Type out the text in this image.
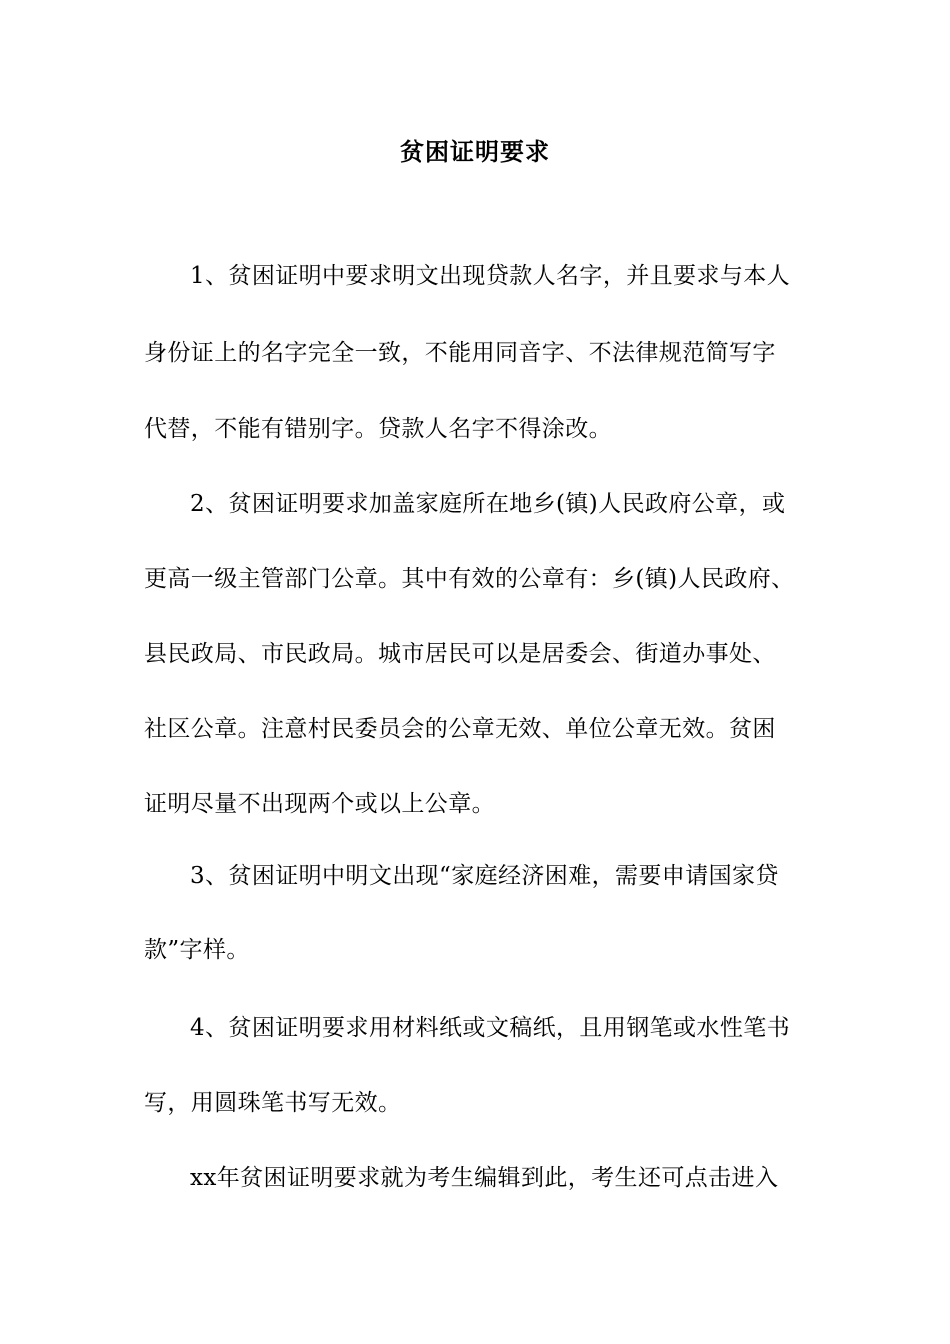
贫困证明要求
1、贫困证明中要求明文出现贷款人名字，并且要求与本人
身份证上的名字完全一致，不能用同音字、不法律规范简写字
代替，不能有错别字。贷款人名字不得涂改。
2、贫困证明要求加盖家庭所在地乡(镇)人民政府公章，或
更高一级主管部门公章。其中有效的公章有：乡(镇)人民政府、
县民政局、市民政局。城市居民可以是居委会、街道办事处、
社区公章。注意村民委员会的公章无效、单位公章无效。贫困
证明尽量不出现两个或以上公章。
3、贫困证明中明文出现“家庭经济困难，需要申请国家贷
款”字样。
4、贫困证明要求用材料纸或文稿纸，且用钢笔或水性笔书
写，用圆珠笔书写无效。
xx年贫困证明要求就为考生编辑到此，考生还可点击进入
